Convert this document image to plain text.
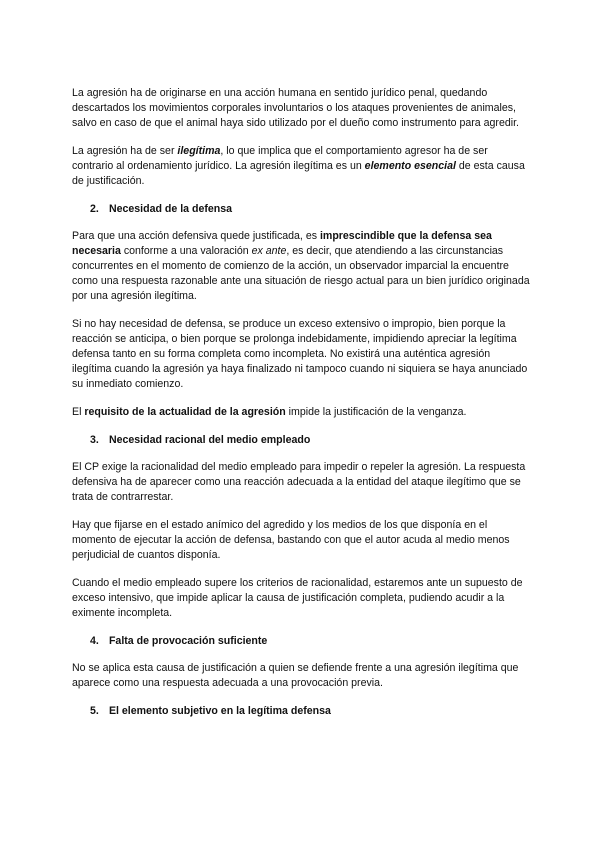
La agresión ha de originarse en una acción humana en sentido jurídico penal, quedando descartados los movimientos corporales involuntarios o los ataques provenientes de animales, salvo en caso de que el animal haya sido utilizado por el dueño como instrumento para agredir.

La agresión ha de ser ilegítima, lo que implica que el comportamiento agresor ha de ser contrario al ordenamiento jurídico. La agresión ilegítima es un elemento esencial de esta causa de justificación.

2. Necesidad de la defensa

Para que una acción defensiva quede justificada, es imprescindible que la defensa sea necesaria conforme a una valoración ex ante, es decir, que atendiendo a las circunstancias concurrentes en el momento de comienzo de la acción, un observador imparcial la encuentre como una respuesta razonable ante una situación de riesgo actual para un bien jurídico originada por una agresión ilegítima.

Si no hay necesidad de defensa, se produce un exceso extensivo o impropio, bien porque la reacción se anticipa, o bien porque se prolonga indebidamente, impidiendo apreciar la legítima defensa tanto en su forma completa como incompleta. No existirá una auténtica agresión ilegítima cuando la agresión ya haya finalizado ni tampoco cuando ni siquiera se haya anunciado su inmediato comienzo.

El requisito de la actualidad de la agresión impide la justificación de la venganza.

3. Necesidad racional del medio empleado

El CP exige la racionalidad del medio empleado para impedir o repeler la agresión. La respuesta defensiva ha de aparecer como una reacción adecuada a la entidad del ataque ilegítimo que se trata de contrarrestar.

Hay que fijarse en el estado anímico del agredido y los medios de los que disponía en el momento de ejecutar la acción de defensa, bastando con que el autor acuda al medio menos perjudicial de cuantos disponía.

Cuando el medio empleado supere los criterios de racionalidad, estaremos ante un supuesto de exceso intensivo, que impide aplicar la causa de justificación completa, pudiendo acudir a la eximente incompleta.

4. Falta de provocación suficiente

No se aplica esta causa de justificación a quien se defiende frente a una agresión ilegítima que aparece como una respuesta adecuada a una provocación previa.

5. El elemento subjetivo en la legítima defensa
